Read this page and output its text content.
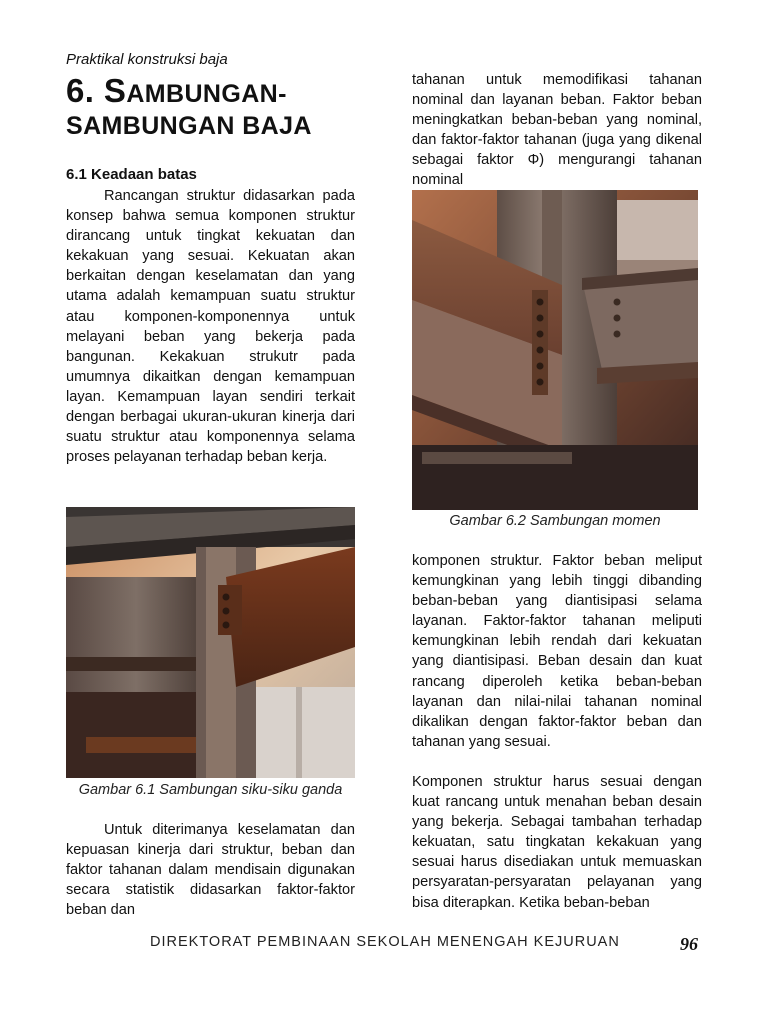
Praktikal konstruksi baja
6. SAMBUNGAN-
SAMBUNGAN BAJA
6.1 Keadaan batas

Rancangan struktur didasarkan pada konsep bahwa semua komponen struktur dirancang untuk tingkat kekuatan dan kekakuan yang sesuai. Kekuatan akan berkaitan dengan keselamatan dan yang utama adalah kemampuan suatu struktur atau komponen-komponennya untuk melayani beban yang bekerja pada bangunan. Kekakuan strukutr pada umumnya dikaitkan dengan kemampuan layan. Kemampuan layan sendiri terkait dengan berbagai ukuran-ukuran kinerja dari suatu struktur atau komponennya selama proses pelayanan terhadap beban kerja.

Gambar 6.1 Sambungan siku-siku ganda

Untuk diterimanya keselamatan dan kepuasan kinerja dari struktur, beban dan faktor tahanan dalam mendisain digunakan secara statistik didasarkan faktor-faktor beban dan

tahanan untuk memodifikasi tahanan nominal dan layanan beban. Faktor beban meningkatkan beban-beban yang nominal, dan faktor-faktor tahanan (juga yang dikenal sebagai faktor Φ) mengurangi tahanan nominal

Gambar 6.2 Sambungan momen

komponen struktur. Faktor beban meliput kemungkinan yang lebih tinggi dibanding beban-beban yang diantisipasi selama layanan. Faktor-faktor tahanan meliputi kemungkinan lebih rendah dari kekuatan yang diantisipasi. Beban desain dan kuat rancang diperoleh ketika beban-beban layanan dan nilai-nilai tahanan nominal dikalikan dengan faktor-faktor beban dan tahanan yang sesuai.

Komponen struktur harus sesuai dengan kuat rancang untuk menahan beban desain yang bekerja. Sebagai tambahan terhadap kekuatan, satu tingkatan kekakuan yang sesuai harus disediakan untuk memuaskan persyaratan-persyaratan pelayanan yang bisa diterapkan. Ketika beban-beban

DIREKTORAT PEMBINAAN SEKOLAH MENENGAH KEJURUAN	96
